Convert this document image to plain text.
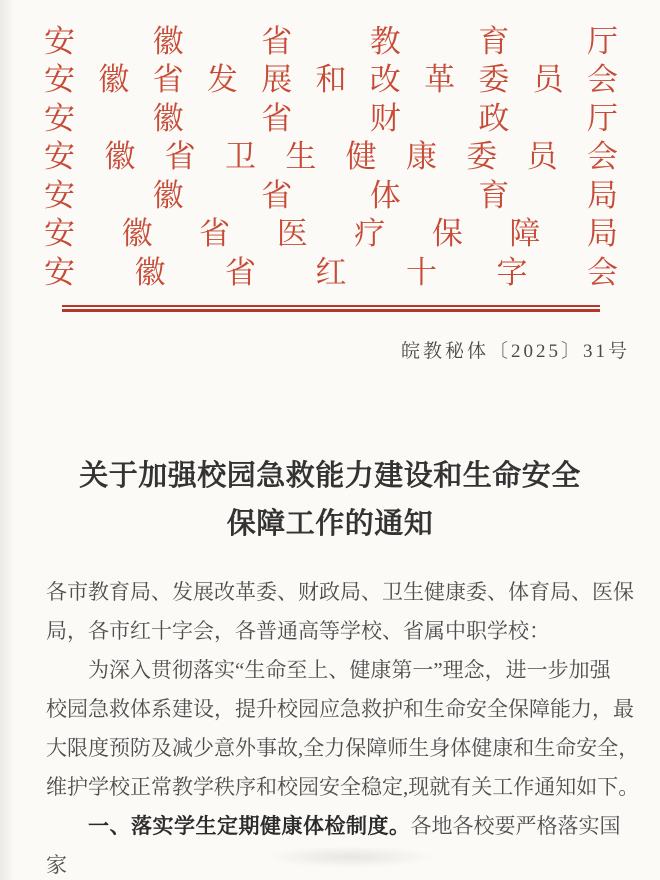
安	徽	省	教	育	厅
安 徽 省 发 展 和 改 革 委 员 会
安	徽	省	财	政	厅
安 徽 省 卫 生 健 康 委 员 会
安	徽	省	体	育	局
安 徽 省 医 疗 保 障 局
安 徽 省 红 十 字 会
皖教秘体〔2025〕31号
关于加强校园急救能力建设和生命安全
保障工作的通知
各市教育局、发展改革委、财政局、卫生健康委、体育局、医保
局，各市红十字会，各普通高等学校、省属中职学校：
为深入贯彻落实“生命至上、健康第一”理念，进一步加强
校园急救体系建设，提升校园应急救护和生命安全保障能力，最
大限度预防及减少意外事故,全力保障师生身体健康和生命安全，
维护学校正常教学秩序和校园安全稳定,现就有关工作通知如下。
一、落实学生定期健康体检制度。各地各校要严格落实国家
